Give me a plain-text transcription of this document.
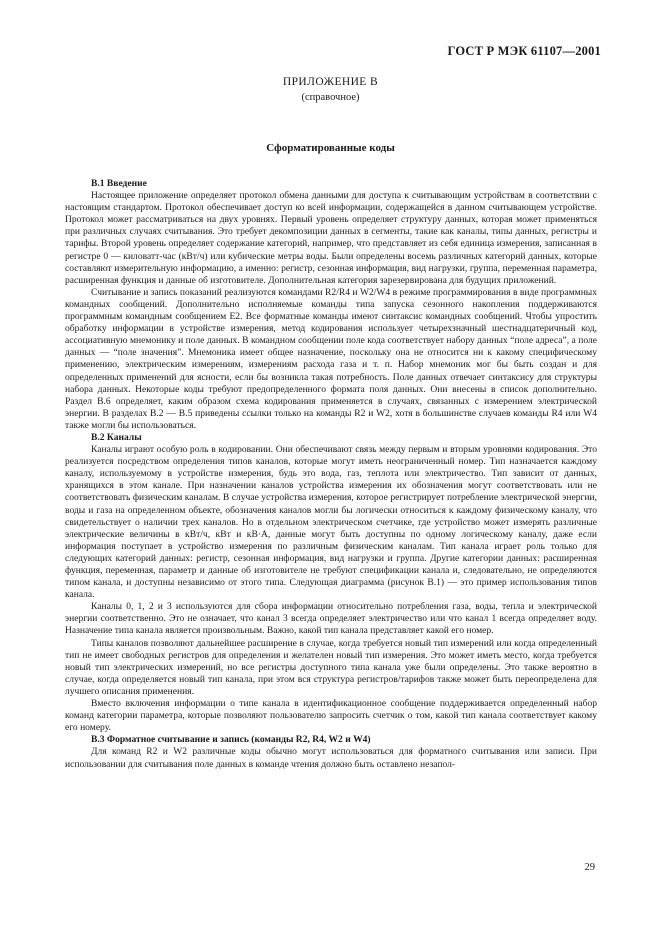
ГОСТ Р МЭК 61107—2001
ПРИЛОЖЕНИЕ В
(справочное)
Сформатированные коды
В.1 Введение

Настоящее приложение определяет протокол обмена данными для доступа к считывающим устройствам в соответствии с настоящим стандартом. Протокол обеспечивает доступ ко всей информации, содержащейся в данном считывающем устройстве. Протокол может рассматриваться на двух уровнях. Первый уровень определяет структуру данных, которая может применяться при различных случаях считывания. Это требует декомпозиции данных в сегменты, такие как каналы, типы данных, регистры и тарифы. Второй уровень определяет содержание категорий, например, что представляет из себя единица измерения, записанная в регистре 0 — киловатт-час (кВт/ч) или кубические метры воды. Были определены восемь различных категорий данных, которые составляют измерительную информацию, а именно: регистр, сезонная информация, вид нагрузки, группа, переменная параметра, расширенная функция и данные об изготовителе. Дополнительная категория зарезервирована для будущих приложений.

Считывание и запись показаний реализуются командами R2/R4 и W2/W4 в режиме программирования в виде программных командных сообщений. Дополнительно исполняемые команды типа запуска сезонного накопления поддерживаются программным командным сообщением Е2. Все форматные команды имеют синтаксис командных сообщений. Чтобы упростить обработку информации в устройстве измерения, метод кодирования использует четырехзначный шестнадцатеричный код, ассоциативную мнемонику и поле данных. В командном сообщении поле кода соответствует набору данных “поле адреса”, а поле данных — “поле значения”. Мнемоника имеет общее назначение, поскольку она не относится ни к какому специфическому применению, электрическим измерениям, измерениям расхода газа и т. п. Набор мнемоник мог бы быть создан и для определенных применений для ясности, если бы возникла такая потребность. Поле данных отвечает синтаксису для структуры набора данных. Некоторые коды требуют предопределенного формата поля данных. Они внесены в список дополнительно. Раздел В.6 определяет, каким образом схема кодирования применяется в случаях, связанных с измерением электрической энергии. В разделах В.2 — В.5 приведены ссылки только на команды R2 и W2, хотя в большинстве случаев команды R4 или W4 также могли бы использоваться.

В.2 Каналы

Каналы играют особую роль в кодировании. Они обеспечивают связь между первым и вторым уровнями кодирования. Это реализуется посредством определения типов каналов, которые могут иметь неограниченный номер. Тип назначается каждому каналу, используемому в устройстве измерения, будь это вода, газ, теплота или электричество. Тип зависит от данных, хранящихся в этом канале. При назначении каналов устройства измерения их обозначения могут соответствовать или не соответствовать физическим каналам. В случае устройства измерения, которое регистрирует потребление электрической энергии, воды и газа на определенном объекте, обозначения каналов могли бы логически относиться к каждому физическому каналу, что свидетельствует о наличии трех каналов. Но в отдельном электрическом счетчике, где устройство может измерять различные электрические величины в кВт/ч, кВт и кВ·А, данные могут быть доступны по одному логическому каналу, даже если информация поступает в устройство измерения по различным физическим каналам. Тип канала играет роль только для следующих категорий данных: регистр, сезонная информация, вид нагрузки и группа. Другие категории данных: расширенная функция, переменная, параметр и данные об изготовителе не требуют спецификации канала и, следовательно, не определяются типом канала, и доступны независимо от этого типа. Следующая диаграмма (рисунок В.1) — это пример использования типов канала.

Каналы 0, 1, 2 и 3 используются для сбора информации относительно потребления газа, воды, тепла и электрической энергии соответственно. Это не означает, что канал 3 всегда определяет электричество или что канал 1 всегда определяет воду. Назначение типа канала является произвольным. Важно, какой тип канала представляет какой его номер.

Типы каналов позволяют дальнейшее расширение в случае, когда требуется новый тип измерений или когда определенный тип не имеет свободных регистров для определения и желателен новый тип измерения. Это может иметь место, когда требуется новый тип электрических измерений, но все регистры доступного типа канала уже были определены. Это также вероятно в случае, когда определяется новый тип канала, при этом вся структура регистров/тарифов также может быть переопределена для лучшего описания применения.

Вместо включения информации о типе канала в идентификационное сообщение поддерживается определенный набор команд категории параметра, которые позволяют пользователю запросить счетчик о том, какой тип канала соответствует какому его номеру.

В.3 Форматное считывание и запись (команды R2, R4, W2 и W4)

Для команд R2 и W2 различные коды обычно могут использоваться для форматного считывания или записи. При использовании для считывания поле данных в команде чтения должно быть оставлено незапол-

29
